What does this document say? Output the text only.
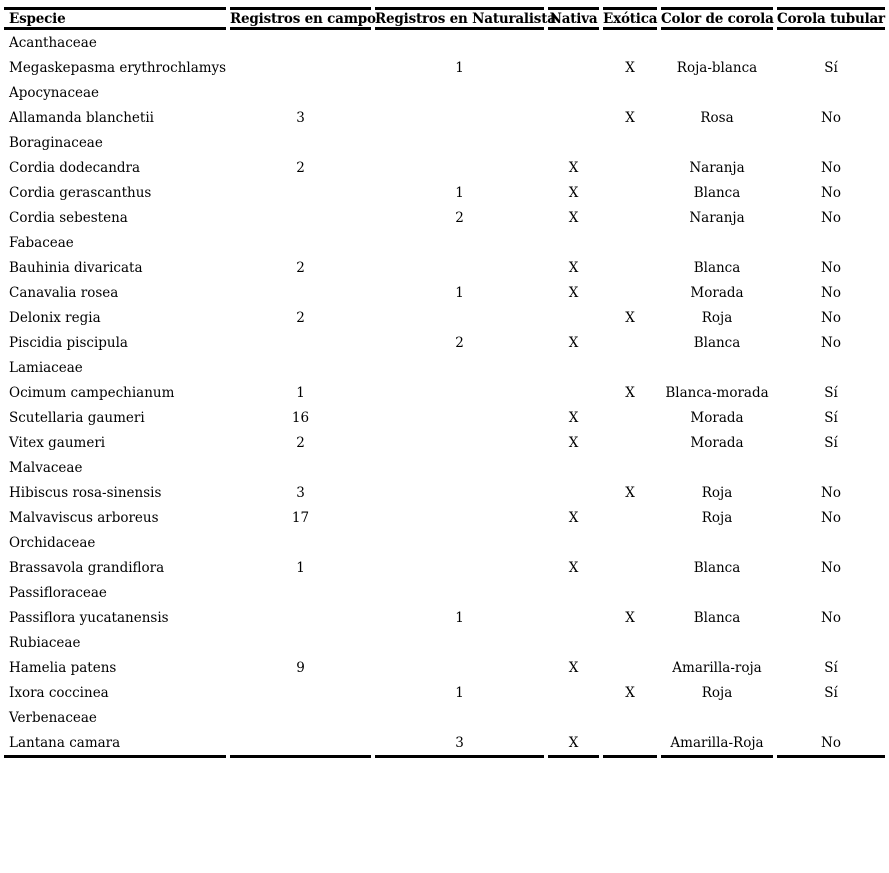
Especie	Registros en campo	Registros en Naturalista	Nativa	Exótica	Color de corola	Corola tubular
Acanthaceae						
Megaskepasma erythrochlamys		1		X	Roja-blanca	Sí
Apocynaceae						
Allamanda blanchetii	3			X	Rosa	No
Boraginaceae						
Cordia dodecandra	2		X		Naranja	No
Cordia gerascanthus		1	X		Blanca	No
Cordia sebestena		2	X		Naranja	No
Fabaceae						
Bauhinia divaricata	2		X		Blanca	No
Canavalia rosea		1	X		Morada	No
Delonix regia	2			X	Roja	No
Piscidia piscipula		2	X		Blanca	No
Lamiaceae						
Ocimum campechianum	1			X	Blanca-morada	Sí
Scutellaria gaumeri	16		X		Morada	Sí
Vitex gaumeri	2		X		Morada	Sí
Malvaceae						
Hibiscus rosa-sinensis	3			X	Roja	No
Malvaviscus arboreus	17		X		Roja	No
Orchidaceae						
Brassavola grandiflora	1		X		Blanca	No
Passifloraceae						
Passiflora yucatanensis		1		X	Blanca	No
Rubiaceae						
Hamelia patens	9		X		Amarilla-roja	Sí
Ixora coccinea		1		X	Roja	Sí
Verbenaceae						
Lantana camara		3	X		Amarilla-Roja	No
